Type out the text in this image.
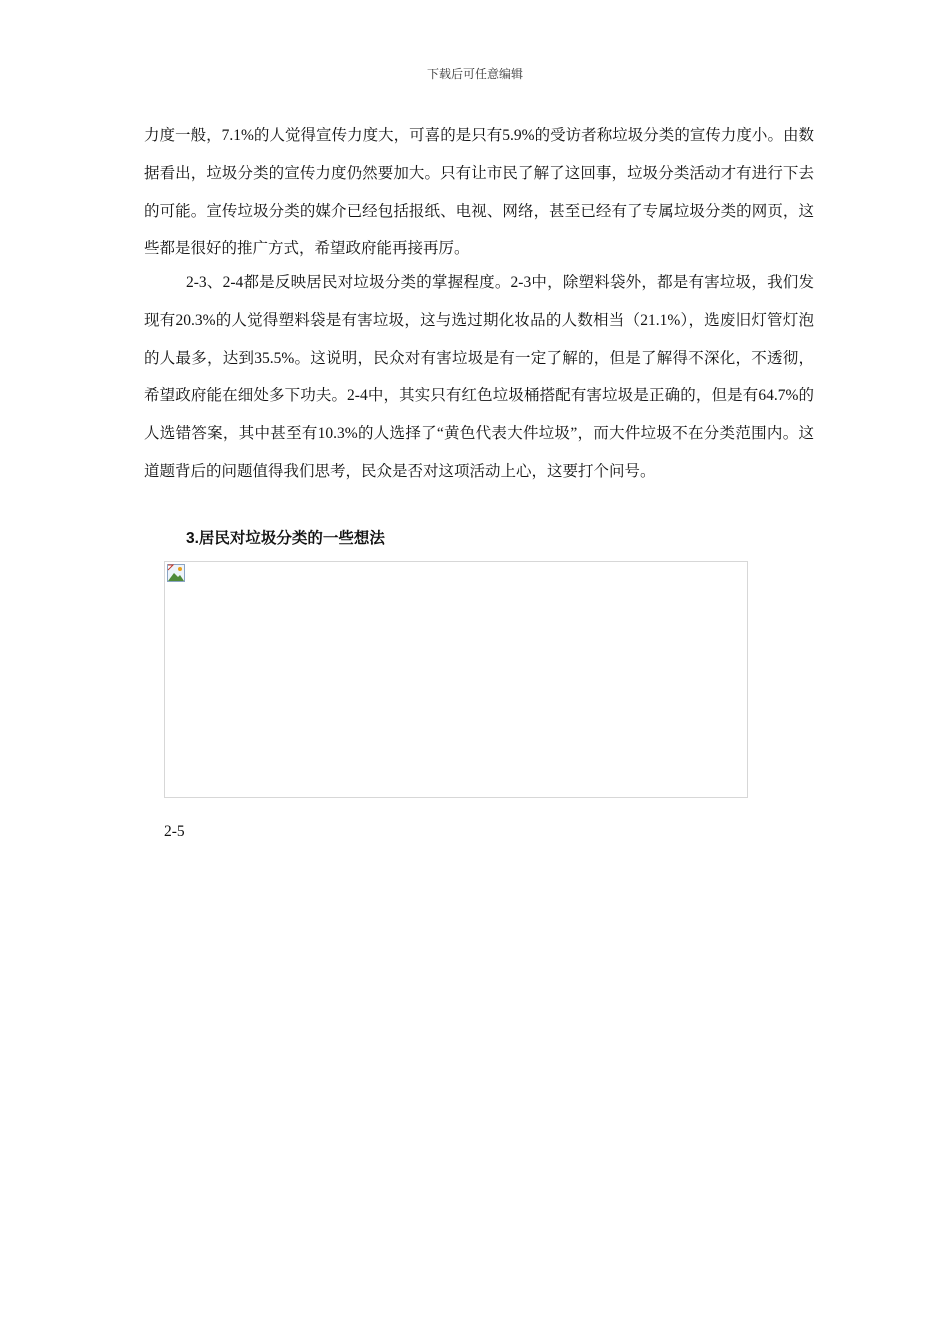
下载后可任意编辑
力度一般，7.1%的人觉得宣传力度大，可喜的是只有5.9%的受访者称垃圾分类的宣传力度小。由数据看出，垃圾分类的宣传力度仍然要加大。只有让市民了解了这回事，垃圾分类活动才有进行下去的可能。宣传垃圾分类的媒介已经包括报纸、电视、网络，甚至已经有了专属垃圾分类的网页，这些都是很好的推广方式，希望政府能再接再厉。
2-3、2-4都是反映居民对垃圾分类的掌握程度。2-3中，除塑料袋外，都是有害垃圾，我们发现有20.3%的人觉得塑料袋是有害垃圾，这与选过期化妆品的人数相当（21.1%），选废旧灯管灯泡的人最多，达到35.5%。这说明，民众对有害垃圾是有一定了解的，但是了解得不深化，不透彻，希望政府能在细处多下功夫。2-4中，其实只有红色垃圾桶搭配有害垃圾是正确的，但是有64.7%的人选错答案，其中甚至有10.3%的人选择了“黄色代表大件垃圾”，而大件垃圾不在分类范围内。这道题背后的问题值得我们思考，民众是否对这项活动上心，这要打个问号。
3.居民对垃圾分类的一些想法
2-5
